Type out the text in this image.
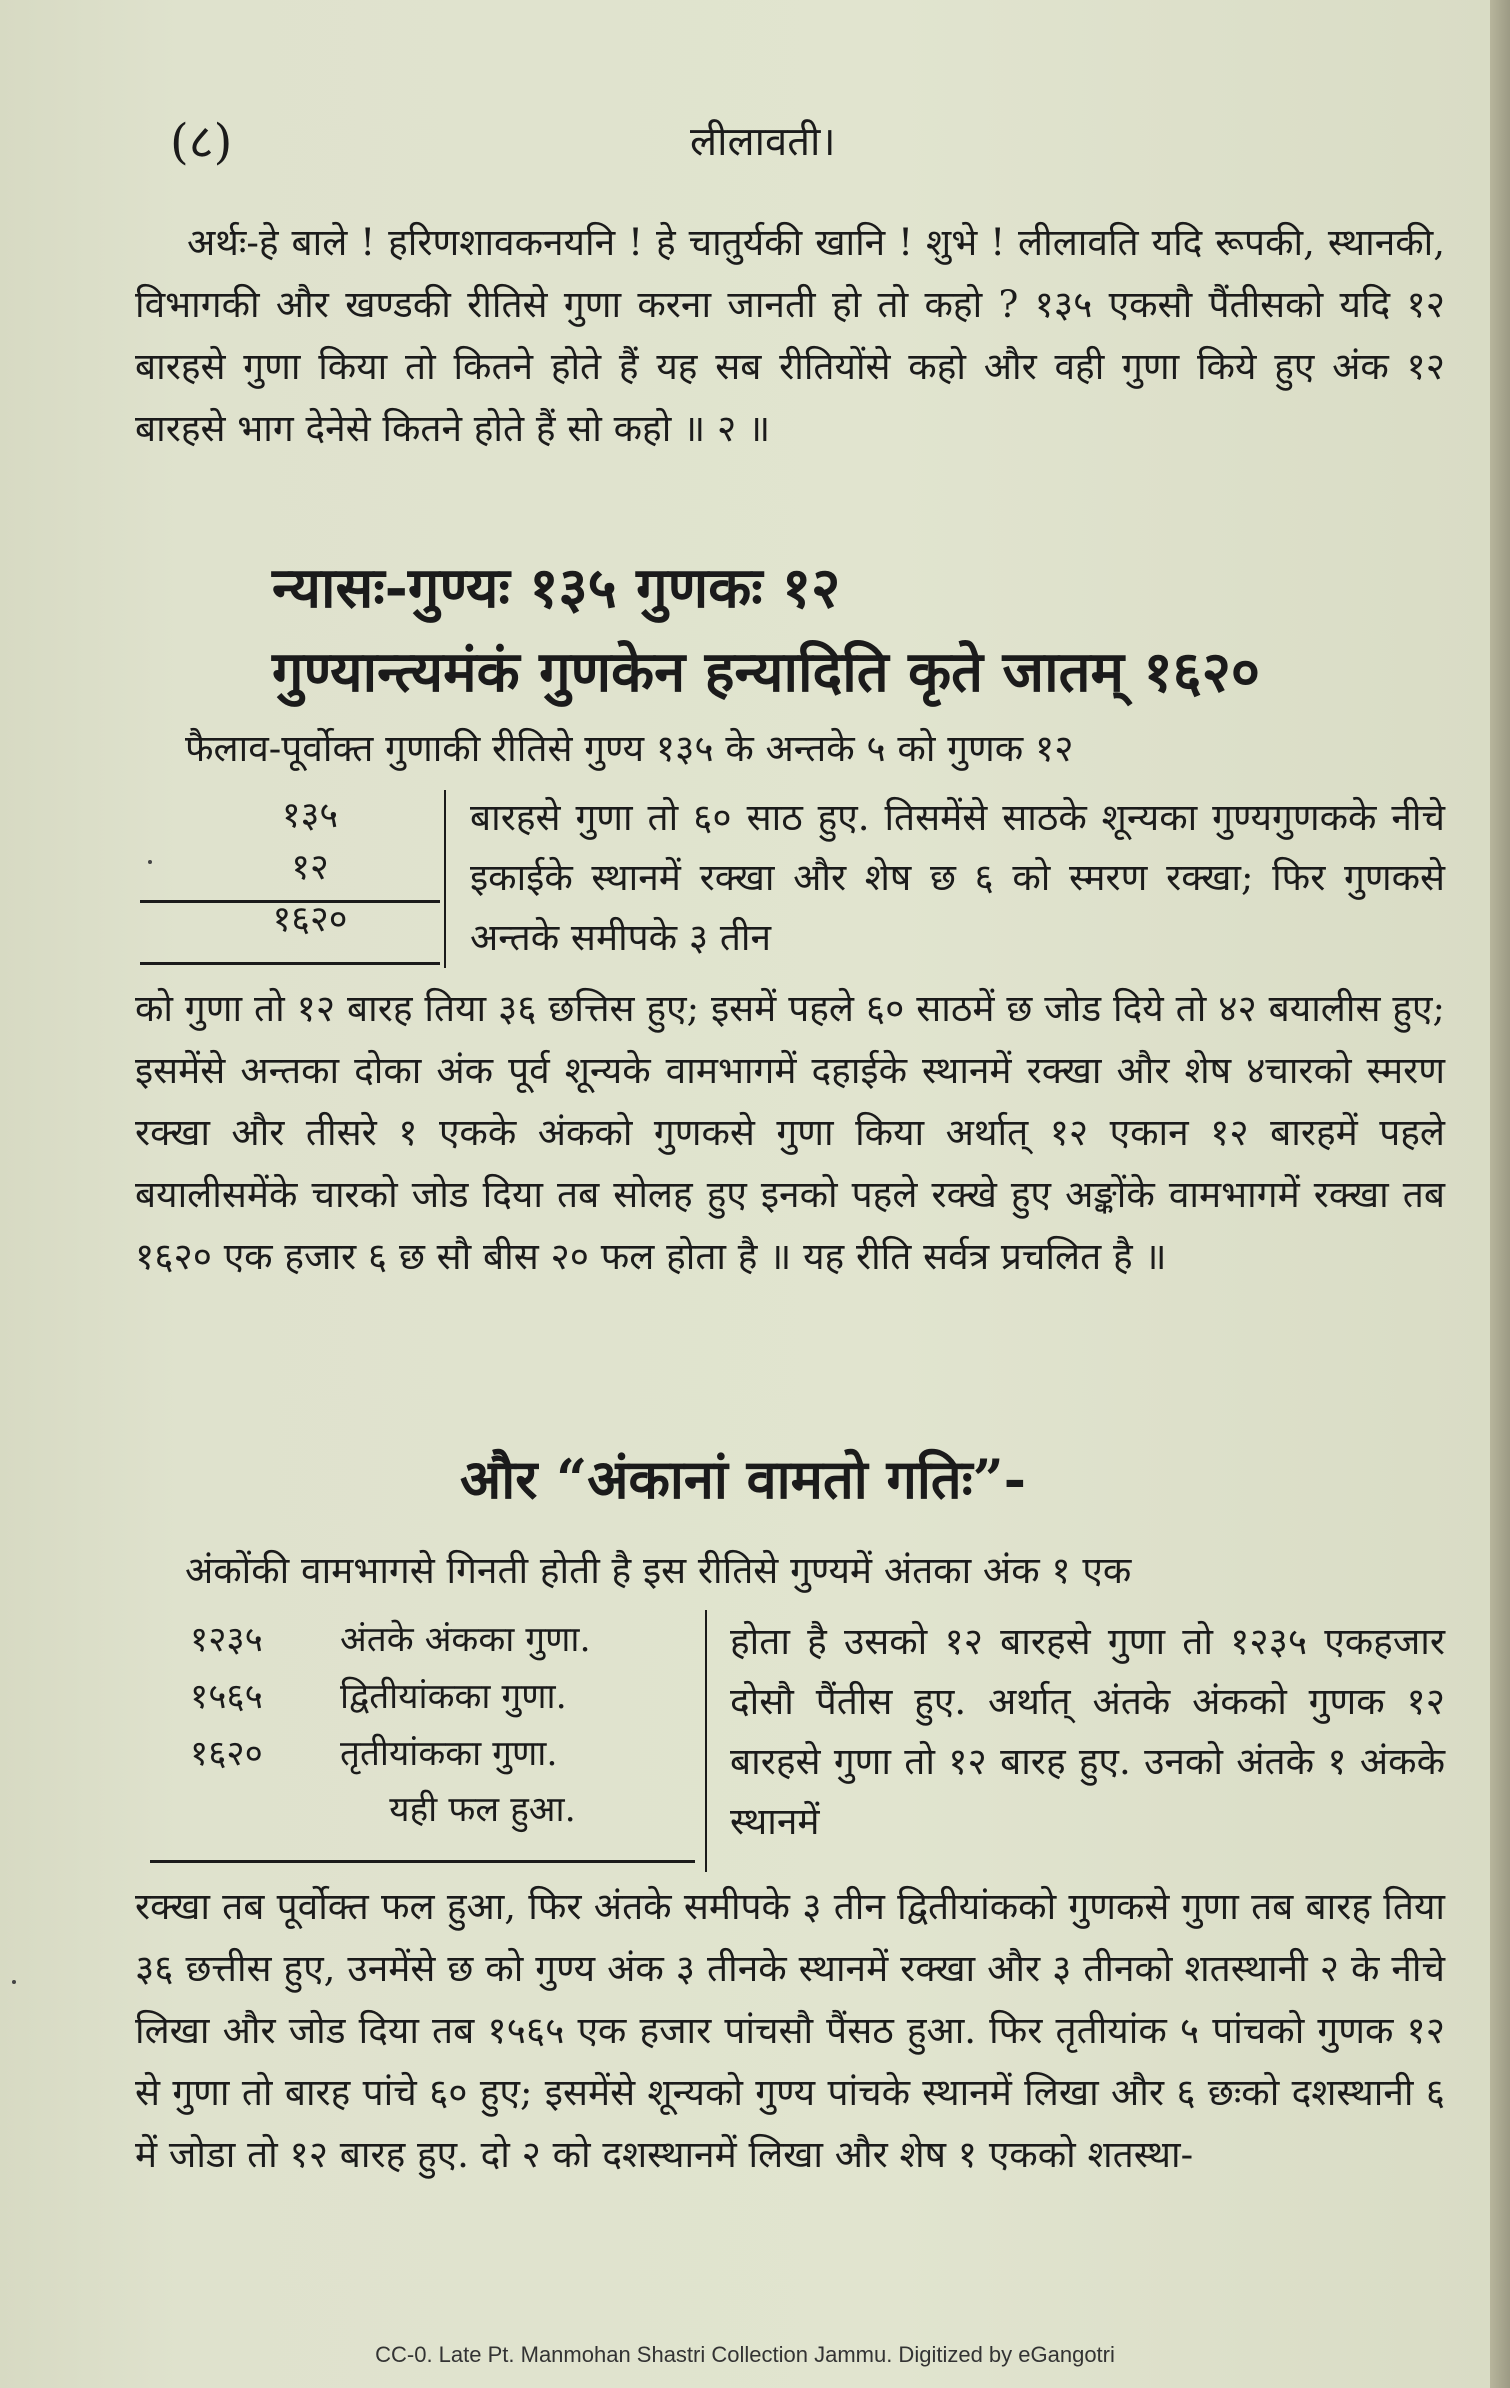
(८)	लीलावती।
अर्थः-हे बाले ! हरिणशावकनयनि ! हे चातुर्यकी खानि ! शुभे ! लीलावति यदि रूपकी, स्थानकी, विभागकी और खण्डकी रीतिसे गुणा करना जानती हो तो कहो ? १३५ एकसौ पैंतीसको यदि १२ बारहसे गुणा किया तो कितने होते हैं यह सब रीतियोंसे कहो और वही गुणा किये हुए अंक १२ बारहसे भाग देनेसे कितने होते हैं सो कहो ॥ २ ॥
न्यासः-गुण्यः १३५ गुणकः १२
गुण्यान्त्यमंकं गुणकेन हन्यादिति कृते जातम् १६२०
फैलाव-पूर्वोक्त गुणाकी रीतिसे गुण्य १३५ के अन्तके ५ को गुणक १२
१३५
१२
१६२०
बारहसे गुणा तो ६० साठ हुए. तिसमेंसे साठके शून्यका गुण्यगुणकके नीचे इकाईके स्थानमें रक्खा और शेष छ ६ को स्मरण रक्खा; फिर गुणकसे अन्तके समीपके ३ तीन
को गुणा तो १२ बारह तिया ३६ छत्तिस हुए; इसमें पहले ६० साठमें छ जोड दिये तो ४२ बयालीस हुए; इसमेंसे अन्तका दोका अंक पूर्व शून्यके वामभागमें दहाईके स्थानमें रक्खा और शेष ४चारको स्मरण रक्खा और तीसरे १ एकके अंकको गुणकसे गुणा किया अर्थात् १२ एकान १२ बारहमें पहले बयालीसमेंके चारको जोड दिया तब सोलह हुए इनको पहले रक्खे हुए अङ्कोंके वामभागमें रक्खा तब १६२० एक हजार ६ छ सौ बीस २० फल होता है ॥ यह रीति सर्वत्र प्रचलित है ॥
और “अंकानां वामतो गतिः”-
अंकोंकी वामभागसे गिनती होती है इस रीतिसे गुण्यमें अंतका अंक १ एक
१२३५	अंतके अंकका गुणा.
१५६५	द्वितीयांकका गुणा.
१६२०	तृतीयांकका गुणा.
यही फल हुआ.
होता है उसको १२ बारहसे गुणा तो १२३५ एकहजार दोसौ पैंतीस हुए. अर्थात् अंतके अंकको गुणक १२ बारहसे गुणा तो १२ बारह हुए. उनको अंतके १ अंकके स्थानमें
रक्खा तब पूर्वोक्त फल हुआ, फिर अंतके समीपके ३ तीन द्वितीयांकको गुणकसे गुणा तब बारह तिया ३६ छत्तीस हुए, उनमेंसे छ को गुण्य अंक ३ तीनके स्थानमें रक्खा और ३ तीनको शतस्थानी २ के नीचे लिखा और जोड दिया तब १५६५ एक हजार पांचसौ पैंसठ हुआ. फिर तृतीयांक ५ पांचको गुणक १२ से गुणा तो बारह पांचे ६० हुए; इसमेंसे शून्यको गुण्य पांचके स्थानमें लिखा और ६ छःको दशस्थानी ६ में जोडा तो १२ बारह हुए. दो २ को दशस्थानमें लिखा और शेष १ एकको शतस्था-
CC-0. Late Pt. Manmohan Shastri Collection Jammu. Digitized by eGangotri
